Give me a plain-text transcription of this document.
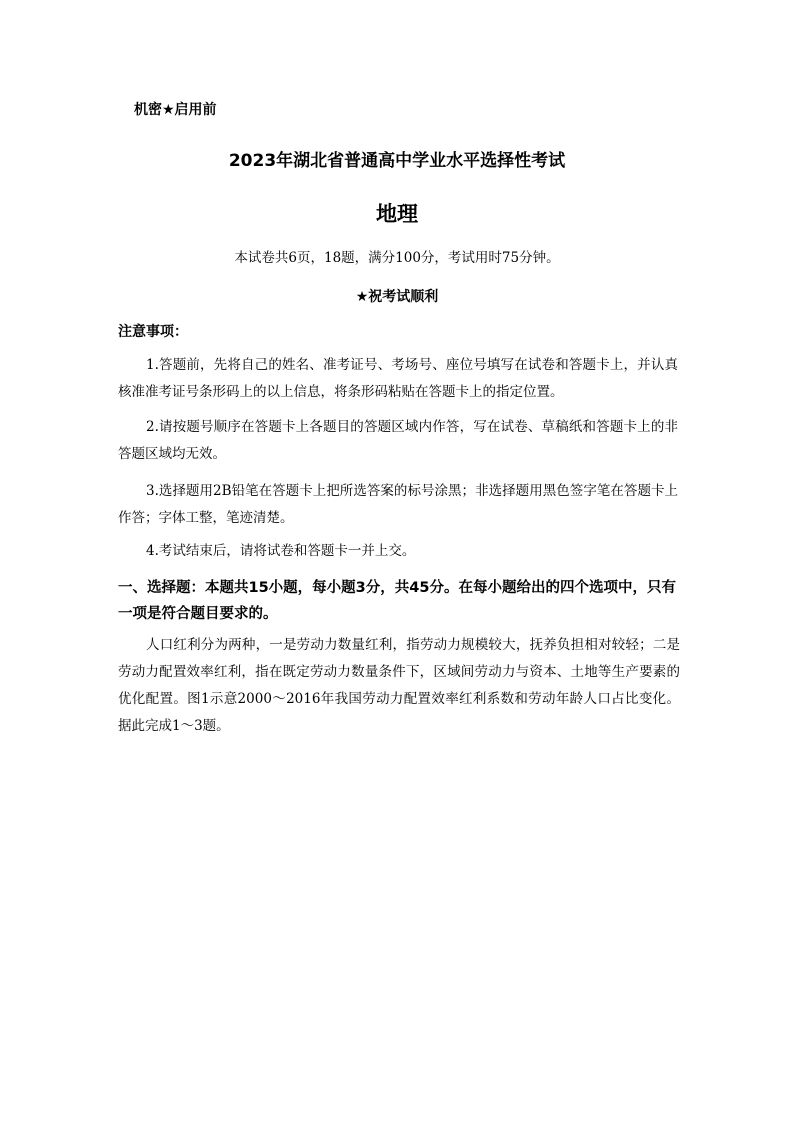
机密★启用前
2023年湖北省普通高中学业水平选择性考试
地理
本试卷共6页，18题，满分100分，考试用时75分钟。
★祝考试顺利
注意事项：
1.答题前，先将自己的姓名、准考证号、考场号、座位号填写在试卷和答题卡上，并认真核准准考证号条形码上的以上信息，将条形码粘贴在答题卡上的指定位置。
2.请按题号顺序在答题卡上各题目的答题区域内作答，写在试卷、草稿纸和答题卡上的非答题区域均无效。
3.选择题用2B铅笔在答题卡上把所选答案的标号涂黑；非选择题用黑色签字笔在答题卡上作答；字体工整，笔迹清楚。
4.考试结束后，请将试卷和答题卡一并上交。
一、选择题：本题共15小题，每小题3分，共45分。在每小题给出的四个选项中，只有一项是符合题目要求的。
人口红利分为两种，一是劳动力数量红利，指劳动力规模较大，抚养负担相对较轻；二是劳动力配置效率红利，指在既定劳动力数量条件下，区域间劳动力与资本、土地等生产要素的优化配置。图1示意2000～2016年我国劳动力配置效率红利系数和劳动年龄人口占比变化。据此完成1～3题。
